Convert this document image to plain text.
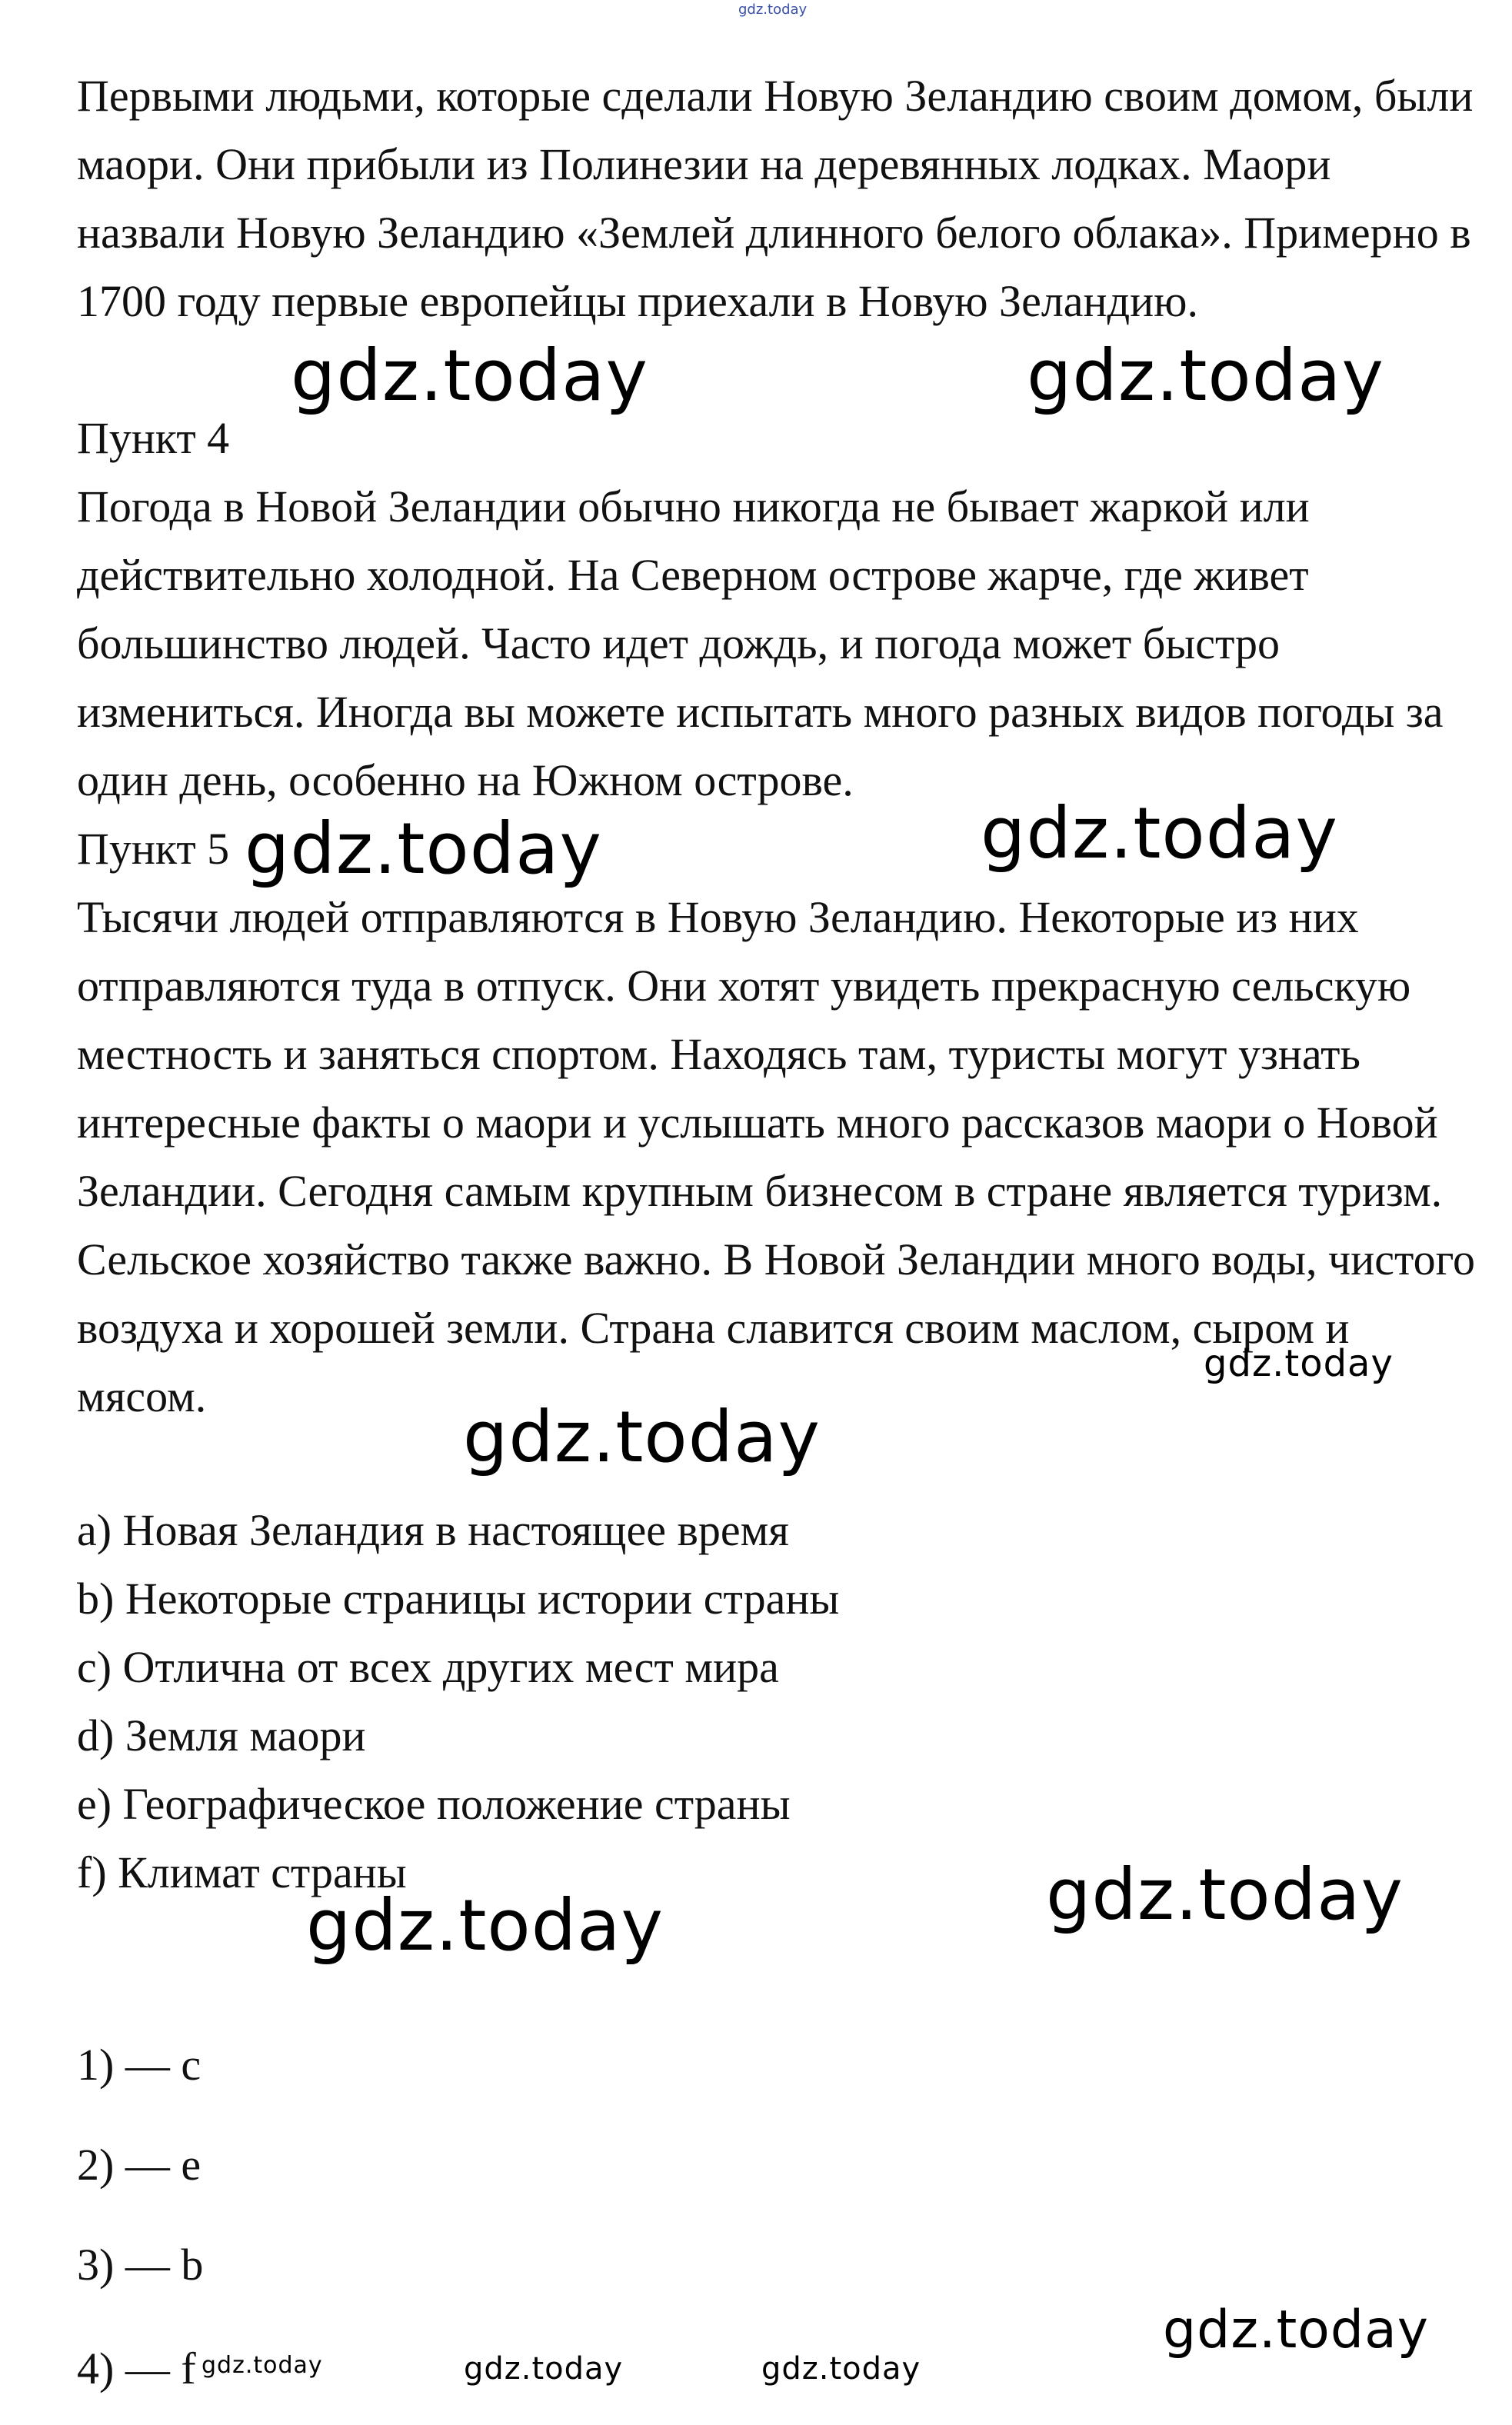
gdz.today

Первыми людьми, которые сделали Новую Зеландию своим домом, были маори. Они прибыли из Полинезии на деревянных лодках. Маори назвали Новую Зеландию «Землей длинного белого облака». Примерно в 1700 году первые европейцы приехали в Новую Зеландию.

Пункт 4

Погода в Новой Зеландии обычно никогда не бывает жаркой или действительно холодной. На Северном острове жарче, где живет большинство людей. Часто идет дождь, и погода может быстро измениться. Иногда вы можете испытать много разных видов погоды за один день, особенно на Южном острове.

Пункт 5

Тысячи людей отправляются в Новую Зеландию. Некоторые из них отправляются туда в отпуск. Они хотят увидеть прекрасную сельскую местность и заняться спортом. Находясь там, туристы могут узнать интересные факты о маори и услышать много рассказов маори о Новой Зеландии. Сегодня самым крупным бизнесом в стране является туризм. Сельское хозяйство также важно. В Новой Зеландии много воды, чистого воздуха и хорошей земли. Страна славится своим маслом, сыром и мясом.

a) Новая Зеландия в настоящее время

b) Некоторые страницы истории страны

c) Отлична от всех других мест мира

d) Земля маори

e) Географическое положение страны

f) Климат страны

1) — c

2) — e

3) — b

4) — f

gdz.today	gdz.today
gdz.today	gdz.today
gdz.today
gdz.today
gdz.today	gdz.today
gdz.today	gdz.today	gdz.today
gdz.today
